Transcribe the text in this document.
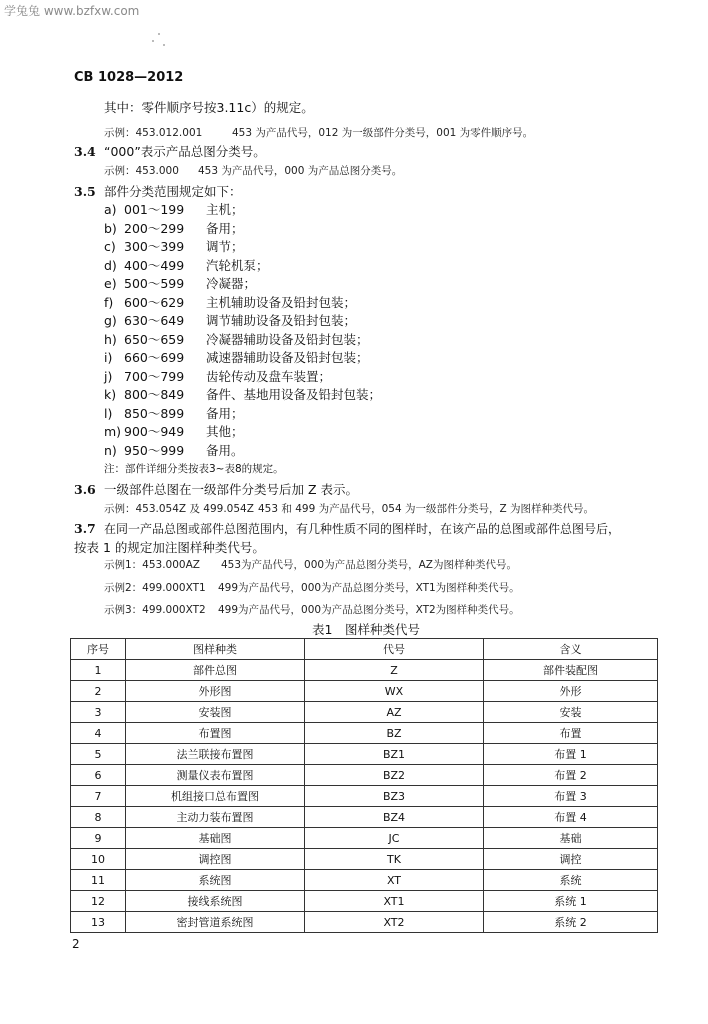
学兔兔 www.bzfxw.com
CB 1028—2012
其中：零件顺序号按3.11c）的规定。
示例：453.012.001	453 为产品代号，012 为一级部件分类号，001 为零件顺序号。
3.4 “000”表示产品总图分类号。
示例：453.000 453 为产品代号，000 为产品总图分类号。
3.5 部件分类范围规定如下：
a) 001～199 主机；
b) 200～299 备用；
c) 300～399 调节；
d) 400～499 汽轮机泵；
e) 500～599 冷凝器；
f) 600～629 主机辅助设备及铅封包装；
g) 630～649 调节辅助设备及铅封包装；
h) 650～659 冷凝器辅助设备及铅封包装；
i) 660～699 减速器辅助设备及铅封包装；
j) 700～799 齿轮传动及盘车装置；
k) 800～849 备件、基地用设备及铅封包装；
l) 850～899 备用；
m) 900～949 其他；
n) 950～999 备用。
注：部件详细分类按表3~表8的规定。
3.6 一级部件总图在一级部件分类号后加 Z 表示。
示例：453.054Z 及 499.054Z 453 和 499 为产品代号，054 为一级部件分类号，Z 为图样种类代号。
3.7 在同一产品总图或部件总图范围内，有几种性质不同的图样时，在该产品的总图或部件总图号后，
按表 1 的规定加注图样种类代号。
示例1：453.000AZ 453为产品代号，000为产品总图分类号，AZ为图样种类代号。
示例2：499.000XT1 499为产品代号，000为产品总图分类号，XT1为图样种类代号。
示例3：499.000XT2 499为产品代号，000为产品总图分类号，XT2为图样种类代号。
表1　图样种类代号
序号	图样种类	代号	含义
1	部件总图	Z	部件装配图
2	外形图	WX	外形
3	安装图	AZ	安装
4	布置图	BZ	布置
5	法兰联接布置图	BZ1	布置 1
6	测量仪表布置图	BZ2	布置 2
7	机组接口总布置图	BZ3	布置 3
8	主动力装布置图	BZ4	布置 4
9	基础图	JC	基础
10	调控图	TK	调控
11	系统图	XT	系统
12	接线系统图	XT1	系统 1
13	密封管道系统图	XT2	系统 2
2
